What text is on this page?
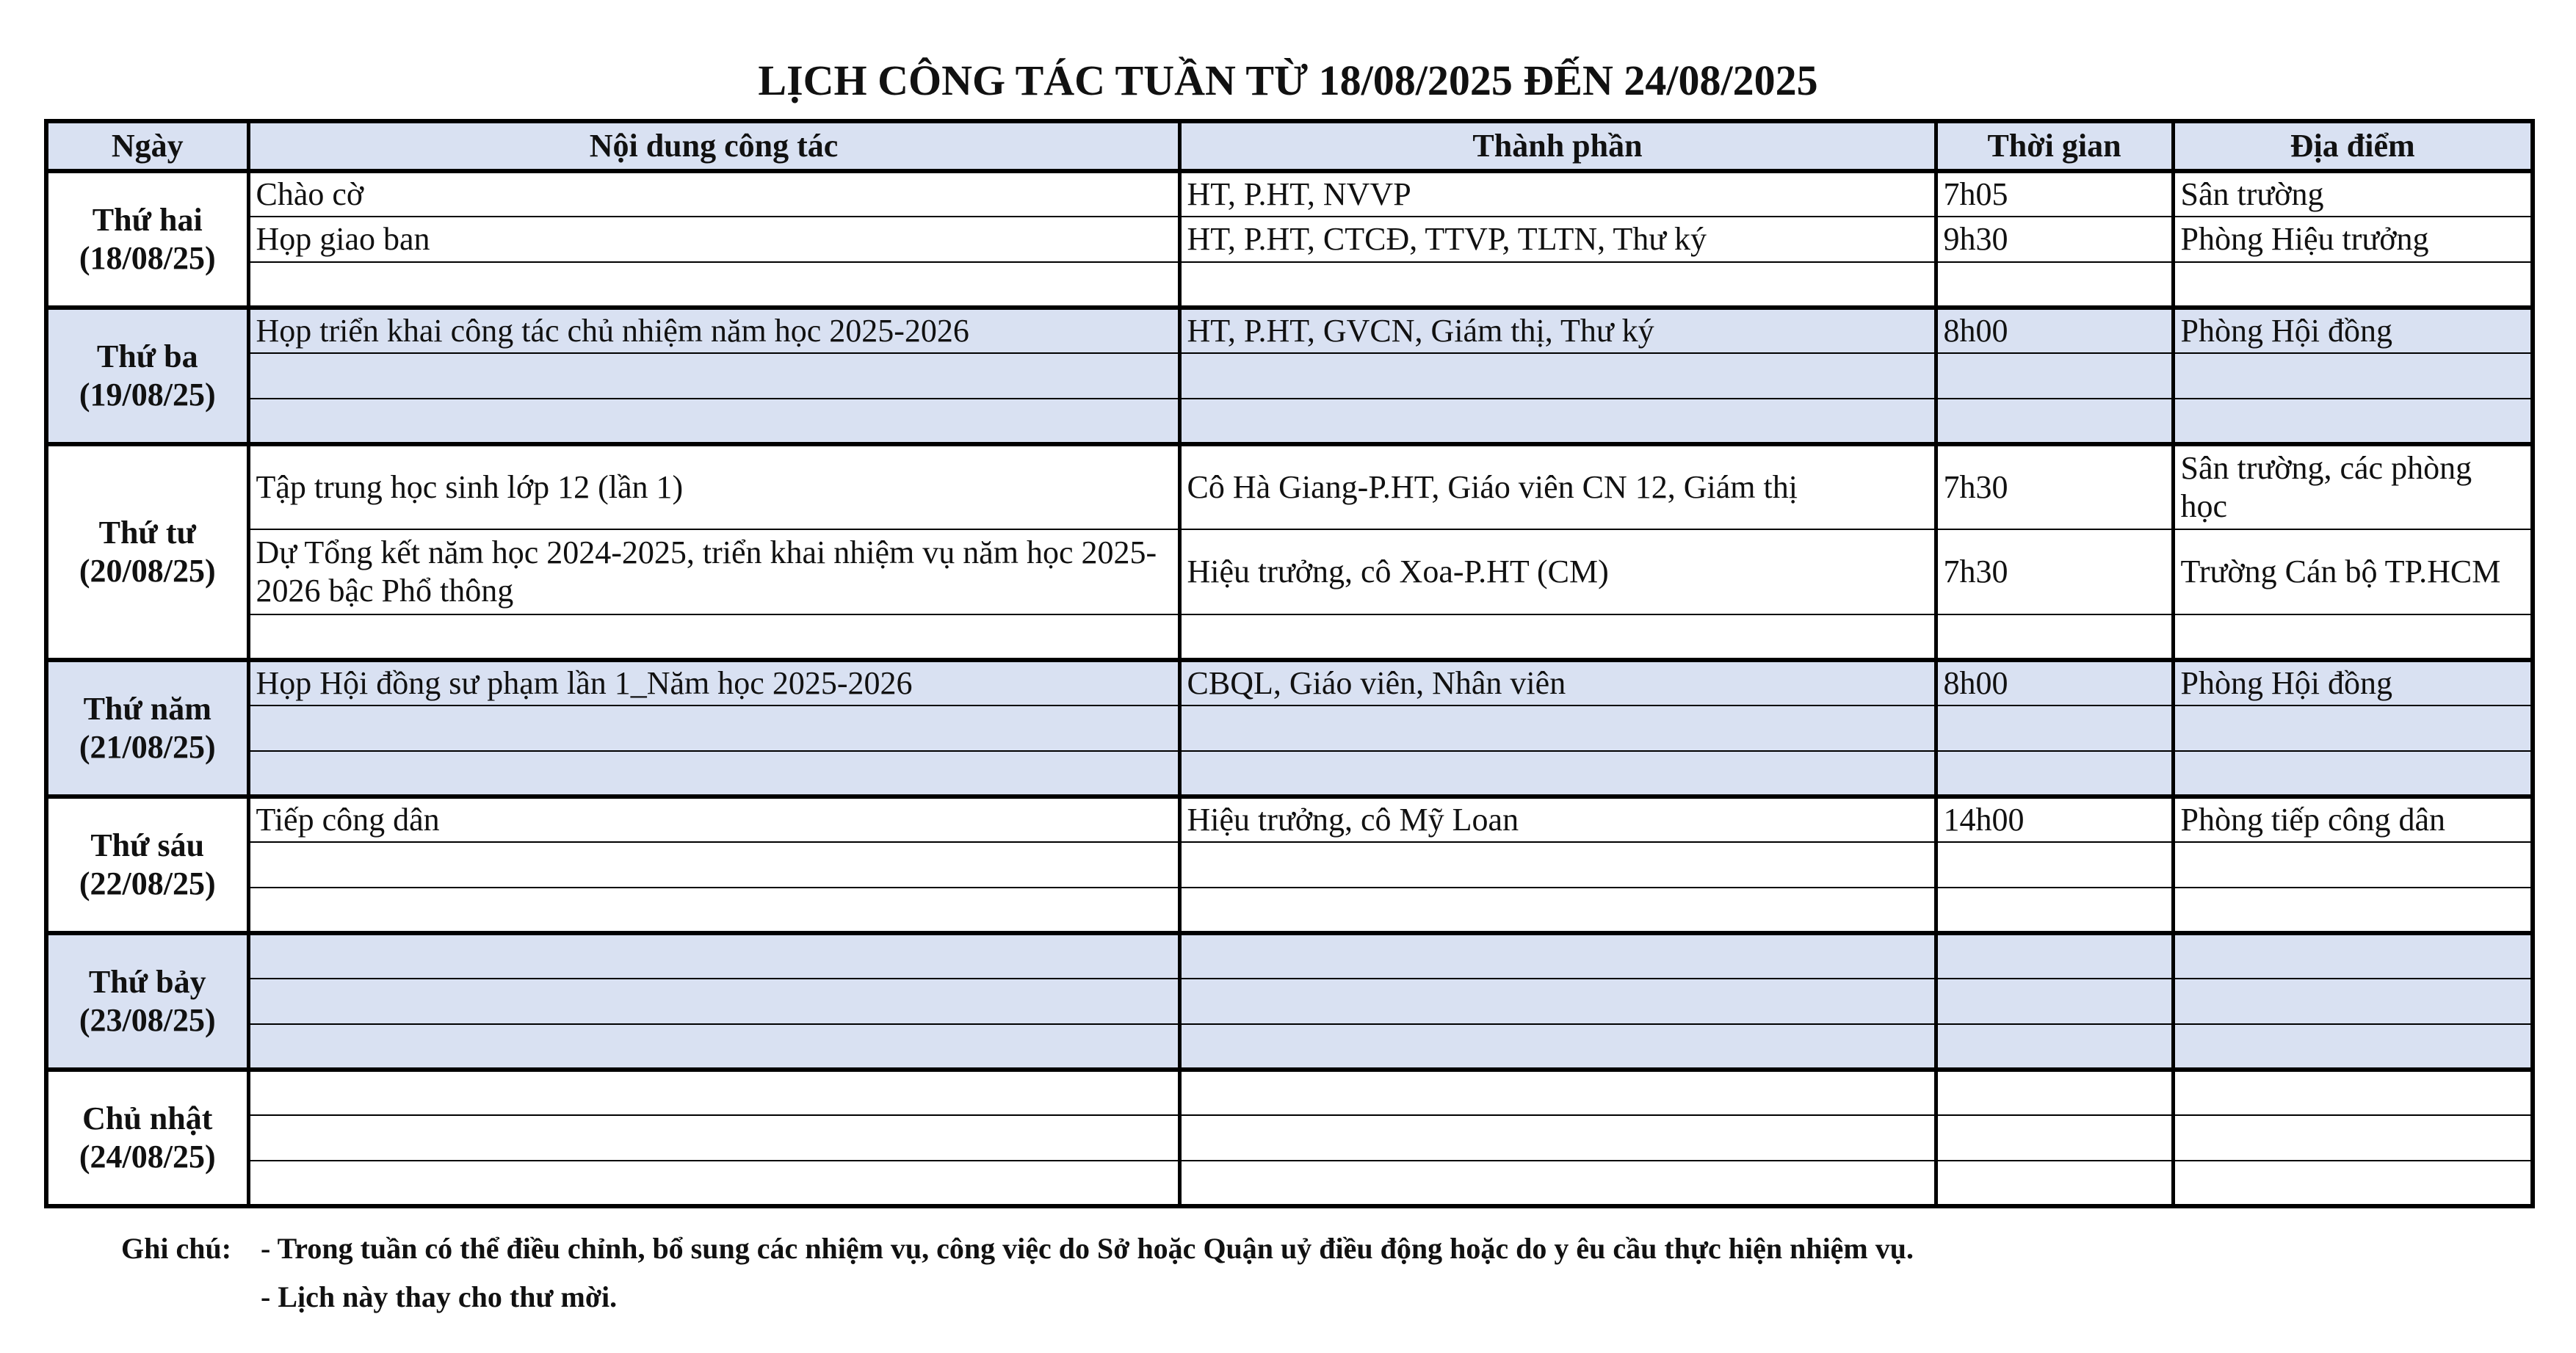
LỊCH CÔNG TÁC TUẦN TỪ 18/08/2025 ĐẾN 24/08/2025
Ngày	Nội dung công tác	Thành phần	Thời gian	Địa điểm

Thứ hai
(18/08/25)	Chào cờ	HT, P.HT, NVVP	7h05	Sân trường
	Họp giao ban	HT, P.HT, CTCĐ, TTVP, TLTN, Thư ký	9h30	Phòng Hiệu trưởng

Thứ ba
(19/08/25)	Họp triển khai công tác chủ nhiệm năm học 2025-2026	HT, P.HT, GVCN, Giám thị, Thư ký	8h00	Phòng Hội đồng

Thứ tư
(20/08/25)	Tập trung học sinh lớp 12 (lần 1)	Cô Hà Giang-P.HT, Giáo viên CN 12, Giám thị	7h30	Sân trường, các phòng học
	Dự Tổng kết năm học 2024-2025, triển khai nhiệm vụ năm học 2025-2026 bậc Phổ thông	Hiệu trưởng, cô Xoa-P.HT (CM)	7h30	Trường Cán bộ TP.HCM

Thứ năm
(21/08/25)	Họp Hội đồng sư phạm lần 1_Năm học 2025-2026	CBQL, Giáo viên, Nhân viên	8h00	Phòng Hội đồng

Thứ sáu
(22/08/25)	Tiếp công dân	Hiệu trưởng, cô Mỹ Loan	14h00	Phòng tiếp công dân

Thứ bảy
(23/08/25)				

Chủ nhật
(24/08/25)				

Ghi chú: - Trong tuần có thể điều chỉnh, bổ sung các nhiệm vụ, công việc do Sở hoặc Quận uỷ điều động hoặc do y êu cầu thực hiện nhiệm vụ.
- Lịch này thay cho thư mời.
